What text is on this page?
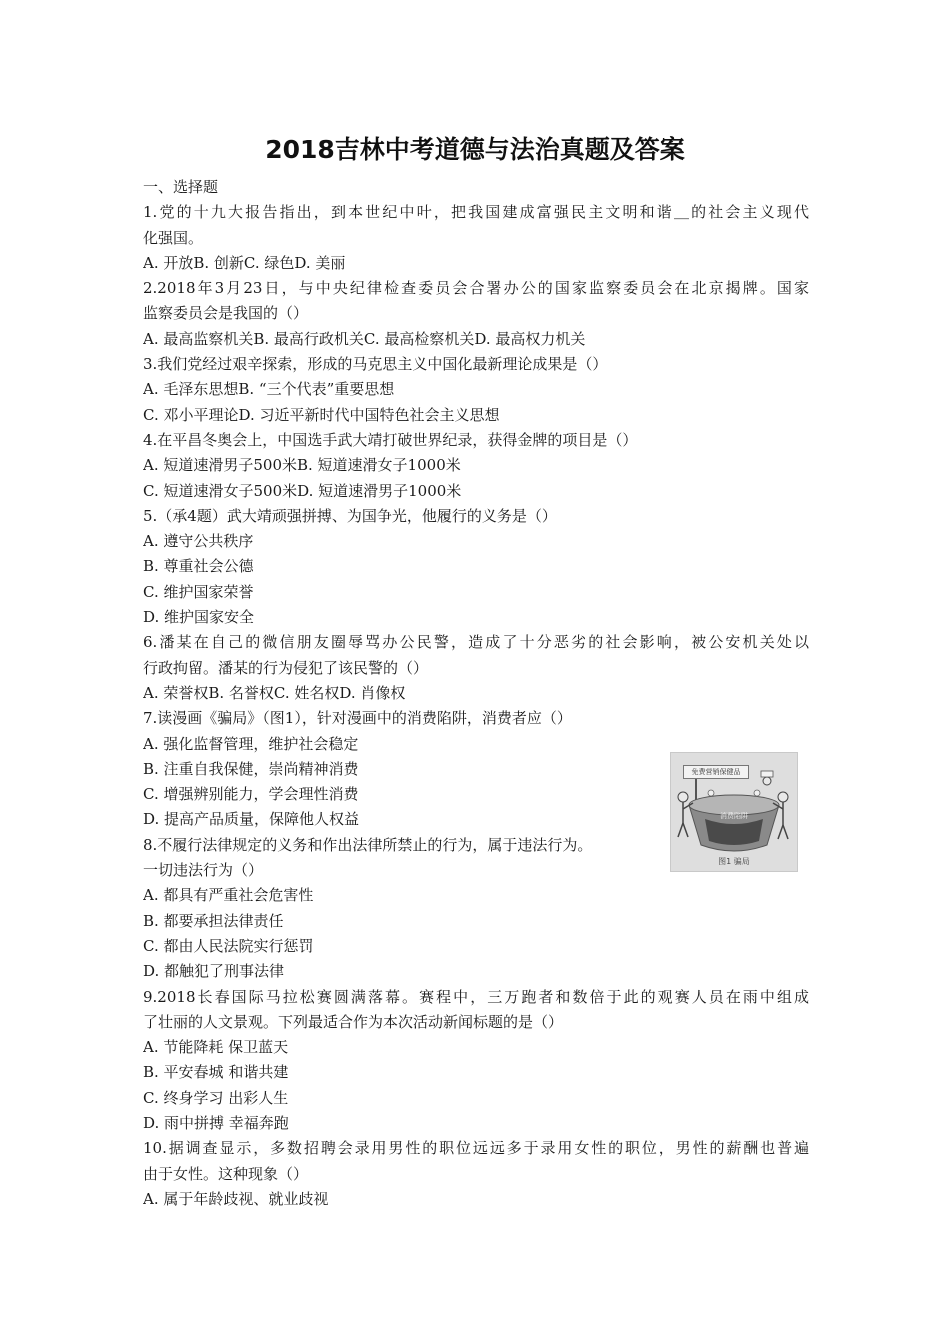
2018吉林中考道德与法治真题及答案
一、选择题
1.党的十九大报告指出，到本世纪中叶，把我国建成富强民主文明和谐＿的社会主义现代
化强国。
A. 开放B. 创新C. 绿色D. 美丽
2.2018年3月23日，与中央纪律检查委员会合署办公的国家监察委员会在北京揭牌。国家
监察委员会是我国的（）
A. 最高监察机关B. 最高行政机关C. 最高检察机关D. 最高权力机关
3.我们党经过艰辛探索，形成的马克思主义中国化最新理论成果是（）
A. 毛泽东思想B. “三个代表”重要思想
C. 邓小平理论D. 习近平新时代中国特色社会主义思想
4.在平昌冬奥会上，中国选手武大靖打破世界纪录，获得金牌的项目是（）
A. 短道速滑男子500米B. 短道速滑女子1000米
C. 短道速滑女子500米D. 短道速滑男子1000米
5.（承4题）武大靖顽强拼搏、为国争光，他履行的义务是（）
A. 遵守公共秩序
B. 尊重社会公德
C. 维护国家荣誉
D. 维护国家安全
6.潘某在自己的微信朋友圈辱骂办公民警，造成了十分恶劣的社会影响，被公安机关处以
行政拘留。潘某的行为侵犯了该民警的（）
A. 荣誉权B. 名誉权C. 姓名权D. 肖像权
7.读漫画《骗局》（图1），针对漫画中的消费陷阱，消费者应（）
A. 强化监督管理，维护社会稳定
B. 注重自我保健，崇尚精神消费
C. 增强辨别能力，学会理性消费
D. 提高产品质量，保障他人权益
8.不履行法律规定的义务和作出法律所禁止的行为，属于违法行为。
一切违法行为（）
A. 都具有严重社会危害性
B. 都要承担法律责任
C. 都由人民法院实行惩罚
D. 都触犯了刑事法律
9.2018长春国际马拉松赛圆满落幕。赛程中，三万跑者和数倍于此的观赛人员在雨中组成
了壮丽的人文景观。下列最适合作为本次活动新闻标题的是（）
A. 节能降耗 保卫蓝天
B. 平安春城 和谐共建
C. 终身学习 出彩人生
D. 雨中拼搏 幸福奔跑
10.据调查显示，多数招聘会录用男性的职位远远多于录用女性的职位，男性的薪酬也普遍
由于女性。这种现象（）
A. 属于年龄歧视、就业歧视
免费营销保健品
消费陷阱
图1 骗局
